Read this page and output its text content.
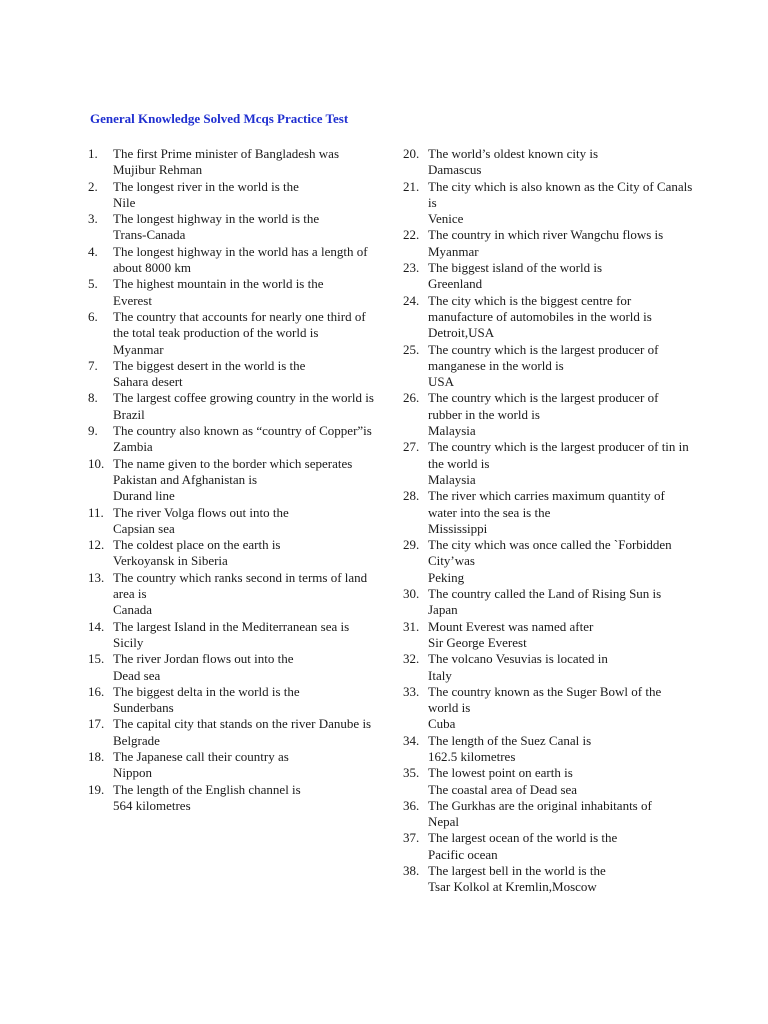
General Knowledge Solved Mcqs Practice Test
1. The first Prime minister of Bangladesh was
Mujibur Rehman
2. The longest river in the world is the
Nile
3. The longest highway in the world is the
Trans-Canada
4. The longest highway in the world has a length of
about 8000 km
5. The highest mountain in the world is the
Everest
6. The country that accounts for nearly one third of the total teak production of the world is
Myanmar
7. The biggest desert in the world is the
Sahara desert
8. The largest coffee growing country in the world is
Brazil
9. The country also known as “country of Copper”is
Zambia
10. The name given to the border which seperates Pakistan and Afghanistan is
Durand line
11. The river Volga flows out into the
Capsian sea
12. The coldest place on the earth is
Verkoyansk in Siberia
13. The country which ranks second in terms of land area is
Canada
14. The largest Island in the Mediterranean sea is
Sicily
15. The river Jordan flows out into the
Dead sea
16. The biggest delta in the world is the
Sunderbans
17. The capital city that stands on the river Danube is
Belgrade
18. The Japanese call their country as
Nippon
19. The length of the English channel is
564 kilometres
20. The world’s oldest known city is
Damascus
21. The city which is also known as the City of Canals is
Venice
22. The country in which river Wangchu flows is
Myanmar
23. The biggest island of the world is
Greenland
24. The city which is the biggest centre for manufacture of automobiles in the world is
Detroit,USA
25. The country which is the largest producer of manganese in the world is
USA
26. The country which is the largest producer of rubber in the world is
Malaysia
27. The country which is the largest producer of tin in the world is
Malaysia
28. The river which carries maximum quantity of water into the sea is the
Mississippi
29. The city which was once called the `Forbidden City’was
Peking
30. The country called the Land of Rising Sun is
Japan
31. Mount Everest was named after
Sir George Everest
32. The volcano Vesuvias is located in
Italy
33. The country known as the Suger Bowl of the world is
Cuba
34. The length of the Suez Canal is
162.5 kilometres
35. The lowest point on earth is
The coastal area of Dead sea
36. The Gurkhas are the original inhabitants of
Nepal
37. The largest ocean of the world is the
Pacific ocean
38. The largest bell in the world is the
Tsar Kolkol at Kremlin,Moscow
